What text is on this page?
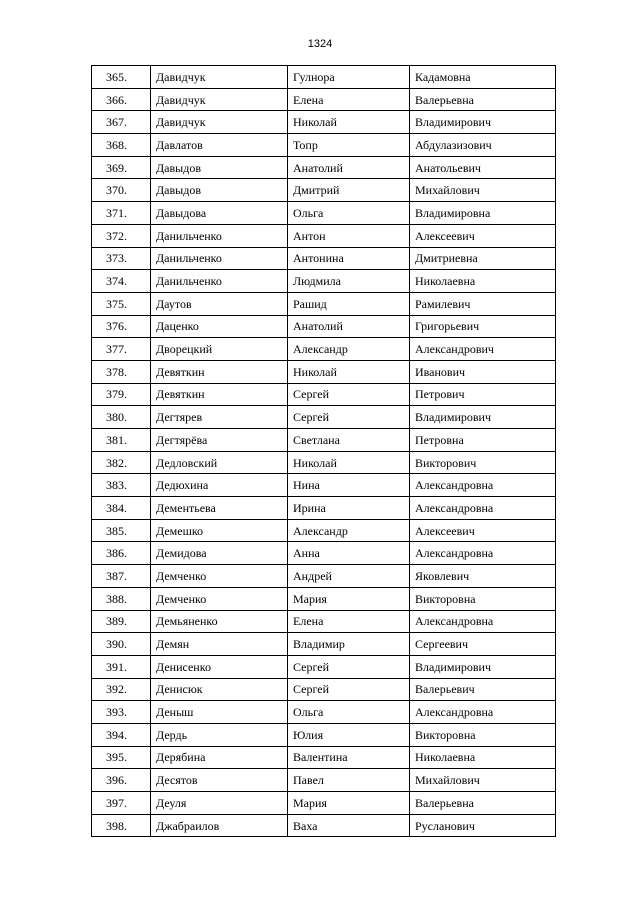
1324
365.	Давидчук	Гулнора	Кадамовна
366.	Давидчук	Елена	Валерьевна
367.	Давидчук	Николай	Владимирович
368.	Давлатов	Топр	Абдулазизович
369.	Давыдов	Анатолий	Анатольевич
370.	Давыдов	Дмитрий	Михайлович
371.	Давыдова	Ольга	Владимировна
372.	Данильченко	Антон	Алексеевич
373.	Данильченко	Антонина	Дмитриевна
374.	Данильченко	Людмила	Николаевна
375.	Даутов	Рашид	Рамилевич
376.	Даценко	Анатолий	Григорьевич
377.	Дворецкий	Александр	Александрович
378.	Девяткин	Николай	Иванович
379.	Девяткин	Сергей	Петрович
380.	Дегтярев	Сергей	Владимирович
381.	Дегтярёва	Светлана	Петровна
382.	Дедловский	Николай	Викторович
383.	Дедюхина	Нина	Александровна
384.	Дементьева	Ирина	Александровна
385.	Демешко	Александр	Алексеевич
386.	Демидова	Анна	Александровна
387.	Демченко	Андрей	Яковлевич
388.	Демченко	Мария	Викторовна
389.	Демьяненко	Елена	Александровна
390.	Демян	Владимир	Сергеевич
391.	Денисенко	Сергей	Владимирович
392.	Денисюк	Сергей	Валерьевич
393.	Деныш	Ольга	Александровна
394.	Дердь	Юлия	Викторовна
395.	Дерябина	Валентина	Николаевна
396.	Десятов	Павел	Михайлович
397.	Деуля	Мария	Валерьевна
398.	Джабраилов	Ваха	Русланович
